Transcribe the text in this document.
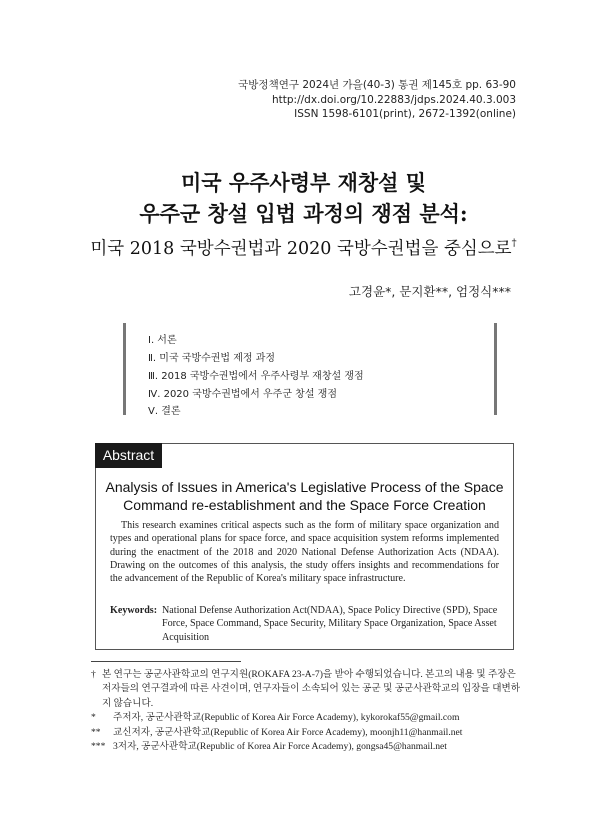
국방정책연구 2024년 가을(40-3) 통권 제145호 pp. 63-90
http://dx.doi.org/10.22883/jdps.2024.40.3.003
ISSN 1598-6101(print), 2672-1392(online)
미국 우주사령부 재창설 및
우주군 창설 입법 과정의 쟁점 분석:
미국 2018 국방수권법과 2020 국방수권법을 중심으로†
고경윤*, 문지환**, 엄정식***
Ⅰ. 서론
Ⅱ. 미국 국방수권법 제정 과정
Ⅲ. 2018 국방수권법에서 우주사령부 재창설 쟁점
Ⅳ. 2020 국방수권법에서 우주군 창설 쟁점
Ⅴ. 결론
Abstract
Analysis of Issues in America's Legislative Process of the Space
Command re-establishment and the Space Force Creation
This research examines critical aspects such as the form of military space organization and types and operational plans for space force, and space acquisition system reforms implemented during the enactment of the 2018 and 2020 National Defense Authorization Acts (NDAA). Drawing on the outcomes of this analysis, the study offers insights and recommendations for the advancement of the Republic of Korea's military space infrastructure.
Keywords: National Defense Authorization Act(NDAA), Space Policy Directive (SPD), Space Force, Space Command, Space Security, Military Space Organization, Space Asset Acquisition
† 본 연구는 공군사관학교의 연구지원(ROKAFA 23-A-7)을 받아 수행되었습니다. 본고의 내용 및 주장은 저자들의 연구결과에 따른 사견이며, 연구자들이 소속되어 있는 공군 및 공군사관학교의 입장을 대변하지 않습니다.
* 주저자, 공군사관학교(Republic of Korea Air Force Academy), kykorokaf55@gmail.com
** 교신저자, 공군사관학교(Republic of Korea Air Force Academy), moonjh11@hanmail.net
*** 3저자, 공군사관학교(Republic of Korea Air Force Academy), gongsa45@hanmail.net
